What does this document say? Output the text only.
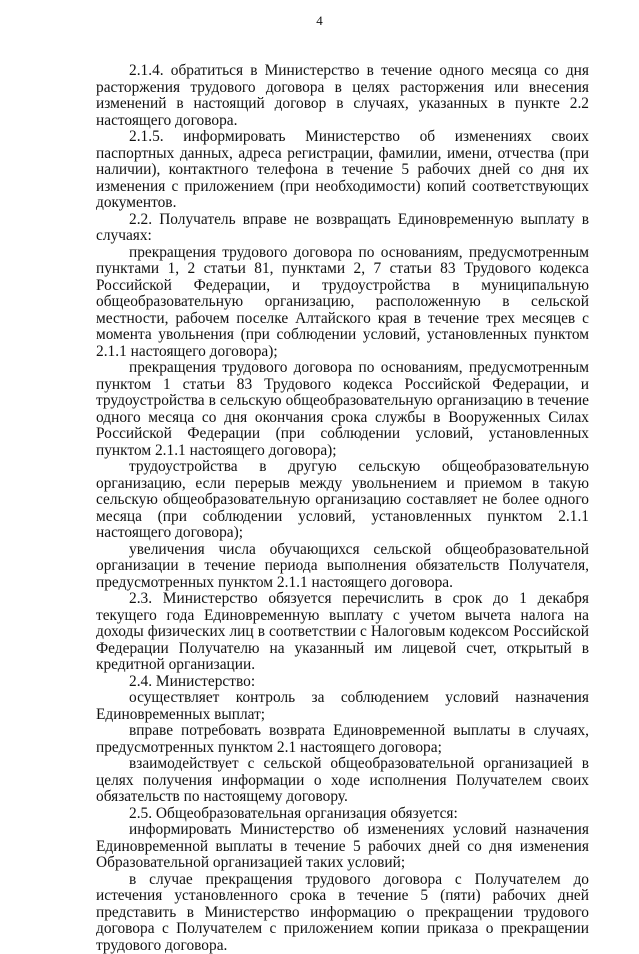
4

2.1.4. обратиться в Министерство в течение одного месяца со дня расторжения трудового договора в целях расторжения или внесения изменений в настоящий договор в случаях, указанных в пункте 2.2 настоящего договора.

2.1.5. информировать Министерство об изменениях своих паспортных данных, адреса регистрации, фамилии, имени, отчества (при наличии), контактного телефона в течение 5 рабочих дней со дня их изменения с приложением (при необходимости) копий соответствующих документов.

2.2. Получатель вправе не возвращать Единовременную выплату в случаях:

прекращения трудового договора по основаниям, предусмотренным пунктами 1, 2 статьи 81, пунктами 2, 7 статьи 83 Трудового кодекса Российской Федерации, и трудоустройства в муниципальную общеобразовательную организацию, расположенную в сельской местности, рабочем поселке Алтайского края в течение трех месяцев с момента увольнения (при соблюдении условий, установленных пунктом 2.1.1 настоящего договора);

прекращения трудового договора по основаниям, предусмотренным пунктом 1 статьи 83 Трудового кодекса Российской Федерации, и трудоустройства в сельскую общеобразовательную организацию в течение одного месяца со дня окончания срока службы в Вооруженных Силах Российской Федерации (при соблюдении условий, установленных пунктом 2.1.1 настоящего договора);

трудоустройства в другую сельскую общеобразовательную организацию, если перерыв между увольнением и приемом в такую сельскую общеобразовательную организацию составляет не более одного месяца (при соблюдении условий, установленных пунктом 2.1.1 настоящего договора);

увеличения числа обучающихся сельской общеобразовательной организации в течение периода выполнения обязательств Получателя, предусмотренных пунктом 2.1.1 настоящего договора.

2.3. Министерство обязуется перечислить в срок до 1 декабря текущего года Единовременную выплату с учетом вычета налога на доходы физических лиц в соответствии с Налоговым кодексом Российской Федерации Получателю на указанный им лицевой счет, открытый в кредитной организации.

2.4. Министерство:

осуществляет контроль за соблюдением условий назначения Единовременных выплат;

вправе потребовать возврата Единовременной выплаты в случаях, предусмотренных пунктом 2.1 настоящего договора;

взаимодействует с сельской общеобразовательной организацией в целях получения информации о ходе исполнения Получателем своих обязательств по настоящему договору.

2.5. Общеобразовательная организация обязуется:

информировать Министерство об изменениях условий назначения Единовременной выплаты в течение 5 рабочих дней со дня изменения Образовательной организацией таких условий;

в случае прекращения трудового договора с Получателем до истечения установленного срока в течение 5 (пяти) рабочих дней представить в Министерство информацию о прекращении трудового договора с Получателем с приложением копии приказа о прекращении трудового договора.
